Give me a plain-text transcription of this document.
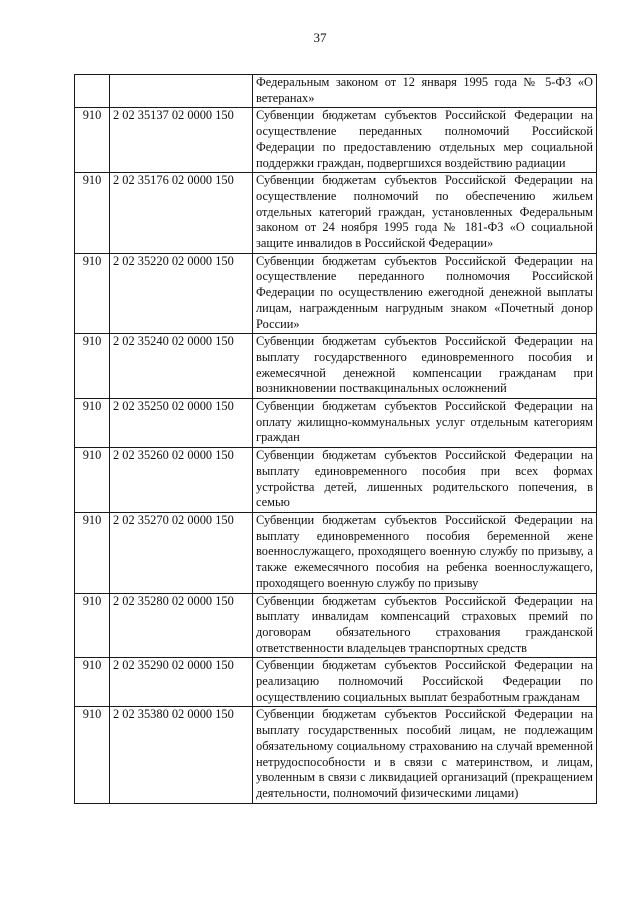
37
		Федеральным законом от 12 января 1995 года № 5-ФЗ «О ветеранах»
910	2 02 35137 02 0000 150	Субвенции бюджетам субъектов Российской Федерации на осуществление переданных полномочий Российской Федерации по предоставлению отдельных мер социальной поддержки граждан, подвергшихся воздействию радиации
910	2 02 35176 02 0000 150	Субвенции бюджетам субъектов Российской Федерации на осуществление полномочий по обеспечению жильем отдельных категорий граждан, установленных Федеральным законом от 24 ноября 1995 года № 181-ФЗ «О социальной защите инвалидов в Российской Федерации»
910	2 02 35220 02 0000 150	Субвенции бюджетам субъектов Российской Федерации на осуществление переданного полномочия Российской Федерации по осуществлению ежегодной денежной выплаты лицам, награжденным нагрудным знаком «Почетный донор России»
910	2 02 35240 02 0000 150	Субвенции бюджетам субъектов Российской Федерации на выплату государственного единовременного пособия и ежемесячной денежной компенсации гражданам при возникновении поствакцинальных осложнений
910	2 02 35250 02 0000 150	Субвенции бюджетам субъектов Российской Федерации на оплату жилищно-коммунальных услуг отдельным категориям граждан
910	2 02 35260 02 0000 150	Субвенции бюджетам субъектов Российской Федерации на выплату единовременного пособия при всех формах устройства детей, лишенных родительского попечения, в семью
910	2 02 35270 02 0000 150	Субвенции бюджетам субъектов Российской Федерации на выплату единовременного пособия беременной жене военнослужащего, проходящего военную службу по призыву, а также ежемесячного пособия на ребенка военнослужащего, проходящего военную службу по призыву
910	2 02 35280 02 0000 150	Субвенции бюджетам субъектов Российской Федерации на выплату инвалидам компенсаций страховых премий по договорам обязательного страхования гражданской ответственности владельцев транспортных средств
910	2 02 35290 02 0000 150	Субвенции бюджетам субъектов Российской Федерации на реализацию полномочий Российской Федерации по осуществлению социальных выплат безработным гражданам
910	2 02 35380 02 0000 150	Субвенции бюджетам субъектов Российской Федерации на выплату государственных пособий лицам, не подлежащим обязательному социальному страхованию на случай временной нетрудоспособности и в связи с материнством, и лицам, уволенным в связи с ликвидацией организаций (прекращением деятельности, полномочий физическими лицами)
